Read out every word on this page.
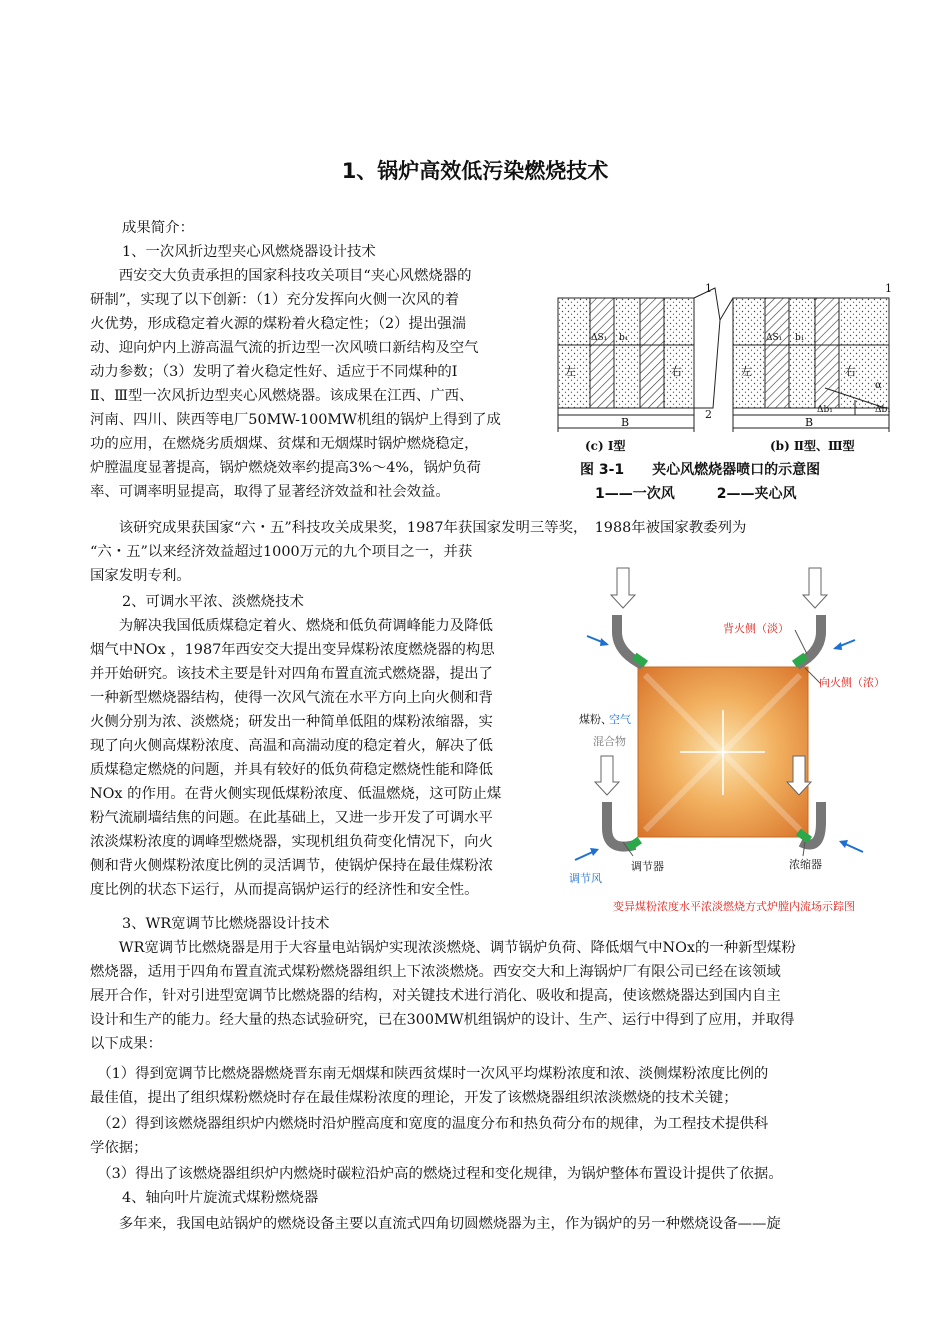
1、锅炉高效低污染燃烧技术

成果简介：

1、一次风折边型夹心风燃烧器设计技术

　　西安交大负责承担的国家科技攻关项目“夹心风燃烧器的

研制”，实现了以下创新：（1）充分发挥向火侧一次风的着

火优势，形成稳定着火源的煤粉着火稳定性；（2）提出强湍

动、迎向炉内上游高温气流的折边型一次风喷口新结构及空气

动力参数；（3）发明了着火稳定性好、适应于不同煤种的Ⅰ

Ⅱ、Ⅲ型一次风折边型夹心风燃烧器。该成果在江西、广西、

河南、四川、陕西等电厂50MW-100MW机组的锅炉上得到了成

功的应用，在燃烧劣质烟煤、贫煤和无烟煤时锅炉燃烧稳定，

炉膛温度显著提高，锅炉燃烧效率约提高3%～4%，锅炉负荷

率、可调率明显提高，取得了显著经济效益和社会效益。

1	1
2
B	B
左	右	左	右
ΔS₁	ΔS₁
b₁	b₁
α
Δb₁	Δb₁
(c) Ⅰ型	(b) Ⅱ型、Ⅲ型
图 3-1　　夹心风燃烧器喷口的示意图
1——一次风　　　2——夹心风

　　该研究成果获国家“六・五”科技攻关成果奖，1987年获国家发明三等奖，　1988年被国家教委列为

“六・五”以来经济效益超过1000万元的九个项目之一，并获

国家发明专利。

2、可调水平浓、淡燃烧技术

　　为解决我国低质煤稳定着火、燃烧和低负荷调峰能力及降低

烟气中NOx ，1987年西安交大提出变异煤粉浓度燃烧器的构思

并开始研究。该技术主要是针对四角布置直流式燃烧器，提出了

一种新型燃烧器结构，使得一次风气流在水平方向上向火侧和背

火侧分别为浓、淡燃烧；研发出一种简单低阻的煤粉浓缩器，实

现了向火侧高煤粉浓度、高温和高湍动度的稳定着火，解决了低

质煤稳定燃烧的问题，并具有较好的低负荷稳定燃烧性能和降低

NOx 的作用。在背火侧实现低煤粉浓度、低温燃烧，这可防止煤

粉气流刷墙结焦的问题。在此基础上，又进一步开发了可调水平

浓淡煤粉浓度的调峰型燃烧器，实现机组负荷变化情况下，向火

侧和背火侧煤粉浓度比例的灵活调节，使锅炉保持在最佳煤粉浓

度比例的状态下运行，从而提高锅炉运行的经济性和安全性。

背火侧（淡）
向火侧（浓）
煤粉、
空气
混合物
调节器	浓缩器
调节风
变异煤粉浓度水平浓淡燃烧方式炉膛内流场示踪图

3、WR宽调节比燃烧器设计技术

　　WR宽调节比燃烧器是用于大容量电站锅炉实现浓淡燃烧、调节锅炉负荷、降低烟气中NOx的一种新型煤粉

燃烧器，适用于四角布置直流式煤粉燃烧器组织上下浓淡燃烧。西安交大和上海锅炉厂有限公司已经在该领域

展开合作，针对引进型宽调节比燃烧器的结构，对关键技术进行消化、吸收和提高，使该燃烧器达到国内自主

设计和生产的能力。经大量的热态试验研究，已在300MW机组锅炉的设计、生产、运行中得到了应用，并取得

以下成果：

　（1）得到宽调节比燃烧器燃烧晋东南无烟煤和陕西贫煤时一次风平均煤粉浓度和浓、淡侧煤粉浓度比例的

最佳值，提出了组织煤粉燃烧时存在最佳煤粉浓度的理论，开发了该燃烧器组织浓淡燃烧的技术关键；

　（2）得到该燃烧器组织炉内燃烧时沿炉膛高度和宽度的温度分布和热负荷分布的规律，为工程技术提供科

学依据；

　（3）得出了该燃烧器组织炉内燃烧时碳粒沿炉高的燃烧过程和变化规律，为锅炉整体布置设计提供了依据。

4、轴向叶片旋流式煤粉燃烧器

　　多年来，我国电站锅炉的燃烧设备主要以直流式四角切圆燃烧器为主，作为锅炉的另一种燃烧设备——旋
